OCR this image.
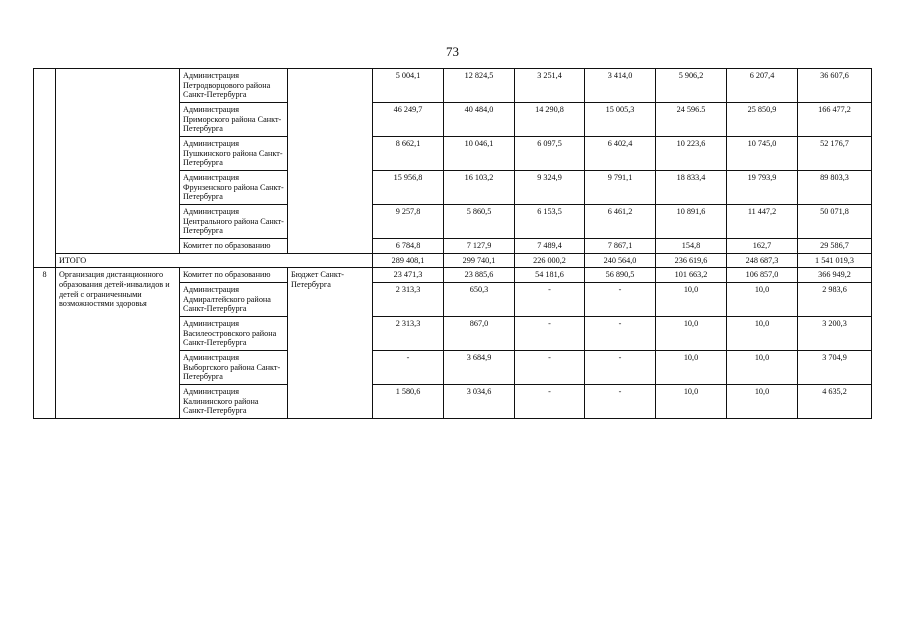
73
		Администрация Петродворцового района Санкт-Петербурга		5 004,1	12 824,5	3 251,4	3 414,0	5 906,2	6 207,4	36 607,6
		Администрация Приморского района Санкт-Петербурга		46 249,7	40 484,0	14 290,8	15 005,3	24 596.5	25 850,9	166 477,2
		Администрация Пушкинского района Санкт-Петербурга		8 662,1	10 046,1	6 097,5	6 402,4	10 223,6	10 745,0	52 176,7
		Администрация Фрунзенского района Санкт-Петербурга		15 956,8	16 103,2	9 324,9	9 791,1	18 833,4	19 793,9	89 803,3
		Администрация Центрального района Санкт-Петербурга		9 257,8	5 860,5	6 153,5	6 461,2	10 891,6	11 447,2	50 071,8
		Комитет по образованию		6 784,8	7 127,9	7 489,4	7 867,1	154,8	162,7	29 586,7
	ИТОГО			289 408,1	299 740,1	226 000,2	240 564,0	236 619,6	248 687,3	1 541 019,3
8	Организация дистанционного образования детей-инвалидов и детей с ограниченными возможностями здоровья	Комитет по образованию	Бюджет Санкт-Петербурга	23 471,3	23 885,6	54 181,6	56 890,5	101 663,2	106 857,0	366 949,2
		Администрация Адмиралтейского района Санкт-Петербурга		2 313,3	650,3	-	-	10,0	10,0	2 983,6
		Администрация Василеостровского района Санкт-Петербурга		2 313,3	867,0	-	-	10,0	10,0	3 200,3
		Администрация Выборгского района Санкт-Петербурга		-	3 684,9	-	-	10,0	10,0	3 704,9
		Администрация Калининского района Санкт-Петербурга		1 580,6	3 034,6	-	-	10,0	10,0	4 635,2
